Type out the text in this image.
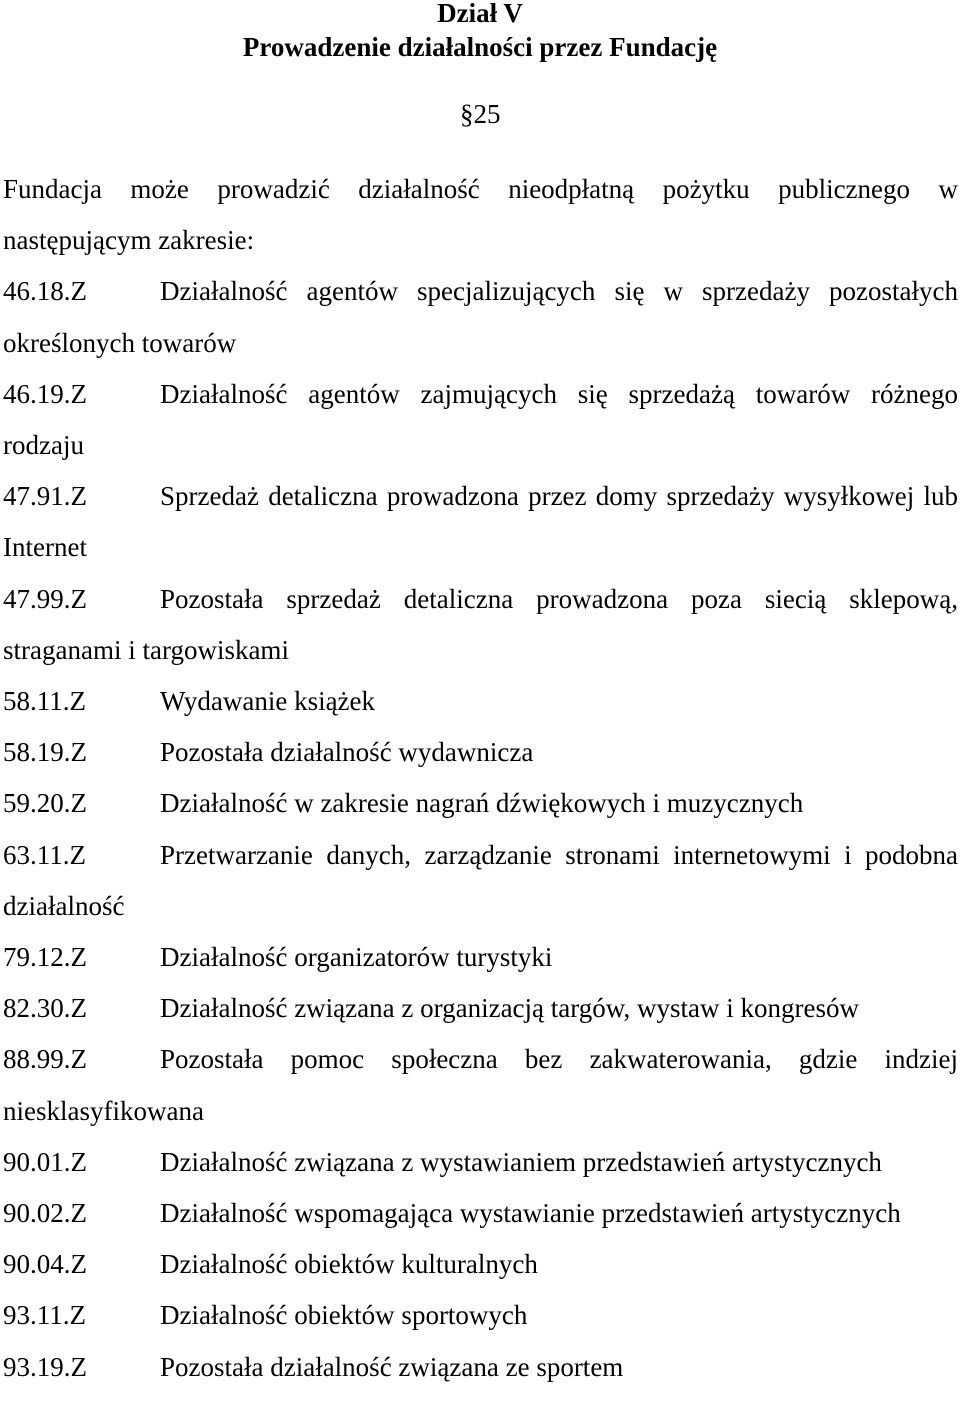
Dział V
Prowadzenie działalności przez Fundację
§25

Fundacja może prowadzić działalność nieodpłatną pożytku publicznego w następującym zakresie:

46.18.Z	Działalność agentów specjalizujących się w sprzedaży pozostałych określonych towarów

46.19.Z	Działalność agentów zajmujących się sprzedażą towarów różnego rodzaju

47.91.Z	Sprzedaż detaliczna prowadzona przez domy sprzedaży wysyłkowej lub Internet

47.99.Z	Pozostała sprzedaż detaliczna prowadzona poza siecią sklepową, straganami i targowiskami

58.11.Z	Wydawanie książek

58.19.Z	Pozostała działalność wydawnicza

59.20.Z	Działalność w zakresie nagrań dźwiękowych i muzycznych

63.11.Z	Przetwarzanie danych, zarządzanie stronami internetowymi i podobna działalność

79.12.Z	Działalność organizatorów turystyki

82.30.Z	Działalność związana z organizacją targów, wystaw i kongresów

88.99.Z	Pozostała pomoc społeczna bez zakwaterowania, gdzie indziej niesklasyfikowana

90.01.Z	Działalność związana z wystawianiem przedstawień artystycznych

90.02.Z	Działalność wspomagająca wystawianie przedstawień artystycznych

90.04.Z	Działalność obiektów kulturalnych

93.11.Z	Działalność obiektów sportowych

93.19.Z	Pozostała działalność związana ze sportem
